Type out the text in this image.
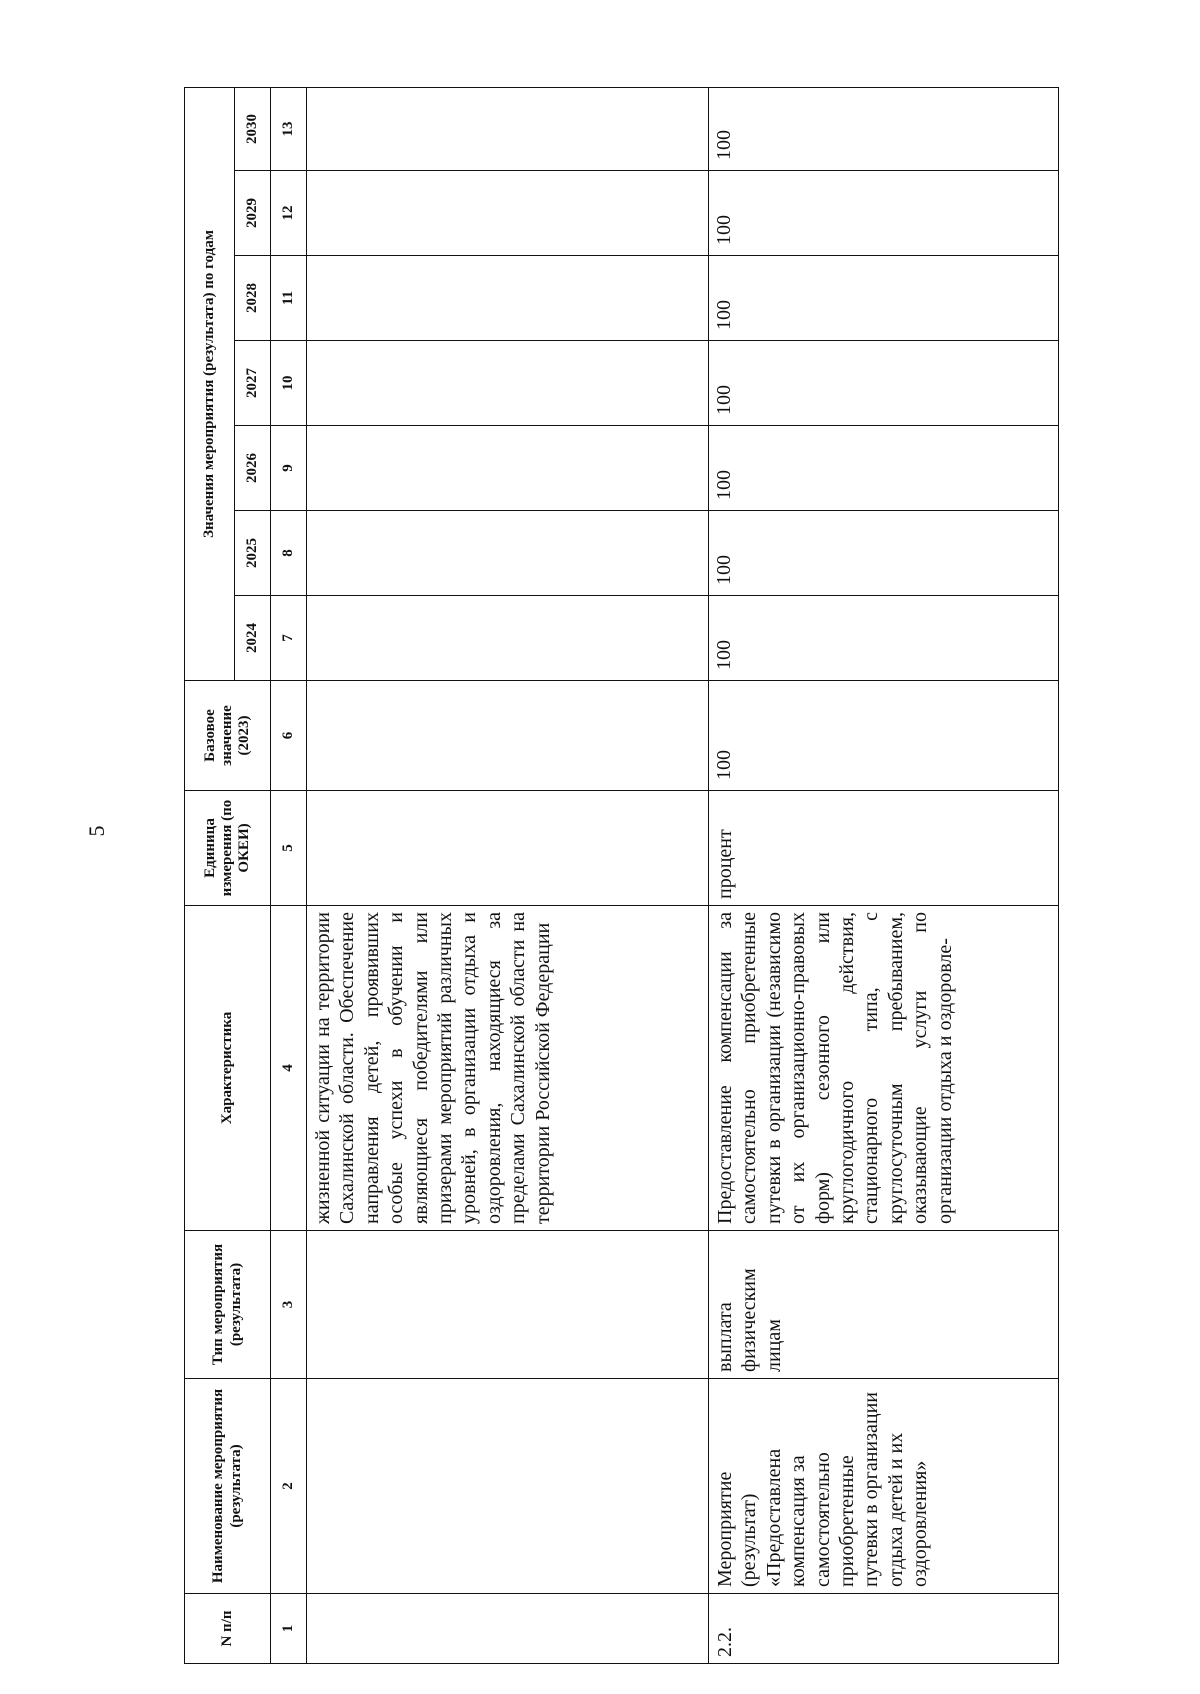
5
N п/п	Наименование мероприятия (результата)	Тип мероприятия (результата)	Характеристика	Единица измерения (по ОКЕИ)	Базовое значение (2023)	Значения мероприятия (результата) по годам						
						2024	2025	2026	2027	2028	2029	2030
1	2	3	4	5	6	7	8	9	10	11	12	13
			жизненной ситуации на территории Сахалинской области. Обеспечение направления детей, проявивших особые успехи в обучении и являющиеся победителями или призерами мероприятий различных уровней, в организации отдыха и оздоровления, находящиеся за пределами Сахалинской области на территории Российской Федерации									
2.2.	Мероприятие (результат) «Предоставлена компенсация за самостоятельно приобретенные путевки в организации отдыха детей и их оздоровления»	выплата физическим лицам	Предоставление компенсации за самостоятельно приобретенные путевки в организации (независимо от их организационно-правовых форм) сезонного или круглогодичного действия, стационарного типа, с круглосуточным пребыванием, оказывающие услуги по организации отдыха и оздоровле-	процент	100	100	100	100	100	100	100	100
